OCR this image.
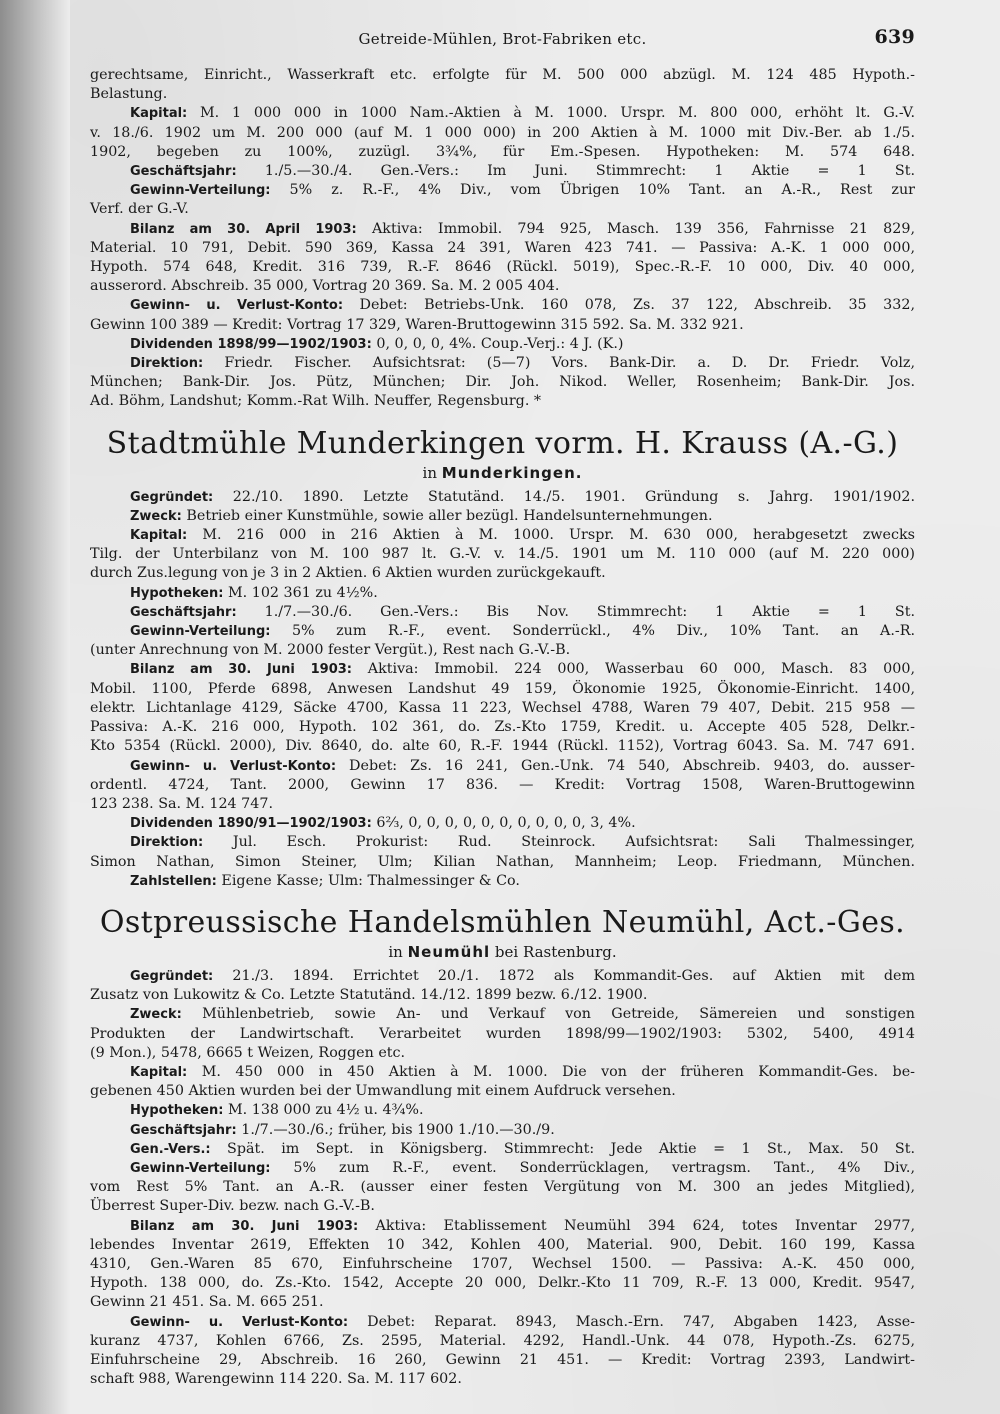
Getreide-Mühlen, Brot-Fabriken etc.	639
gerechtsame, Einricht., Wasserkraft etc. erfolgte für M. 500 000 abzügl. M. 124 485 Hypoth.-
Belastung.
Kapital: M. 1 000 000 in 1000 Nam.-Aktien à M. 1000. Urspr. M. 800 000, erhöht lt. G.-V.
v. 18./6. 1902 um M. 200 000 (auf M. 1 000 000) in 200 Aktien à M. 1000 mit Div.-Ber. ab 1./5.
1902, begeben zu 100%, zuzügl. 3¾%, für Em.-Spesen. Hypotheken: M. 574 648.
Geschäftsjahr: 1./5.—30./4. Gen.-Vers.: Im Juni. Stimmrecht: 1 Aktie = 1 St.
Gewinn-Verteilung: 5% z. R.-F., 4% Div., vom Übrigen 10% Tant. an A.-R., Rest zur
Verf. der G.-V.
Bilanz am 30. April 1903: Aktiva: Immobil. 794 925, Masch. 139 356, Fahrnisse 21 829,
Material. 10 791, Debit. 590 369, Kassa 24 391, Waren 423 741. — Passiva: A.-K. 1 000 000,
Hypoth. 574 648, Kredit. 316 739, R.-F. 8646 (Rückl. 5019), Spec.-R.-F. 10 000, Div. 40 000,
ausserord. Abschreib. 35 000, Vortrag 20 369. Sa. M. 2 005 404.
Gewinn- u. Verlust-Konto: Debet: Betriebs-Unk. 160 078, Zs. 37 122, Abschreib. 35 332,
Gewinn 100 389 — Kredit: Vortrag 17 329, Waren-Bruttogewinn 315 592. Sa. M. 332 921.
Dividenden 1898/99—1902/1903: 0, 0, 0, 0, 4%. Coup.-Verj.: 4 J. (K.)
Direktion: Friedr. Fischer. Aufsichtsrat: (5—7) Vors. Bank-Dir. a. D. Dr. Friedr. Volz,
München; Bank-Dir. Jos. Pütz, München; Dir. Joh. Nikod. Weller, Rosenheim; Bank-Dir. Jos.
Ad. Böhm, Landshut; Komm.-Rat Wilh. Neuffer, Regensburg. *
Stadtmühle Munderkingen vorm. H. Krauss (A.-G.)
in Munderkingen.
Gegründet: 22./10. 1890. Letzte Statutänd. 14./5. 1901. Gründung s. Jahrg. 1901/1902.
Zweck: Betrieb einer Kunstmühle, sowie aller bezügl. Handelsunternehmungen.
Kapital: M. 216 000 in 216 Aktien à M. 1000. Urspr. M. 630 000, herabgesetzt zwecks
Tilg. der Unterbilanz von M. 100 987 lt. G.-V. v. 14./5. 1901 um M. 110 000 (auf M. 220 000)
durch Zus.legung von je 3 in 2 Aktien. 6 Aktien wurden zurückgekauft.
Hypotheken: M. 102 361 zu 4½%.
Geschäftsjahr: 1./7.—30./6. Gen.-Vers.: Bis Nov. Stimmrecht: 1 Aktie = 1 St.
Gewinn-Verteilung: 5% zum R.-F., event. Sonderrückl., 4% Div., 10% Tant. an A.-R.
(unter Anrechnung von M. 2000 fester Vergüt.), Rest nach G.-V.-B.
Bilanz am 30. Juni 1903: Aktiva: Immobil. 224 000, Wasserbau 60 000, Masch. 83 000,
Mobil. 1100, Pferde 6898, Anwesen Landshut 49 159, Ökonomie 1925, Ökonomie-Einricht. 1400,
elektr. Lichtanlage 4129, Säcke 4700, Kassa 11 223, Wechsel 4788, Waren 79 407, Debit. 215 958 —
Passiva: A.-K. 216 000, Hypoth. 102 361, do. Zs.-Kto 1759, Kredit. u. Accepte 405 528, Delkr.-
Kto 5354 (Rückl. 2000), Div. 8640, do. alte 60, R.-F. 1944 (Rückl. 1152), Vortrag 6043. Sa. M. 747 691.
Gewinn- u. Verlust-Konto: Debet: Zs. 16 241, Gen.-Unk. 74 540, Abschreib. 9403, do. ausser-
ordentl. 4724, Tant. 2000, Gewinn 17 836. — Kredit: Vortrag 1508, Waren-Bruttogewinn
123 238. Sa. M. 124 747.
Dividenden 1890/91—1902/1903: 6⅔, 0, 0, 0, 0, 0, 0, 0, 0, 0, 0, 3, 4%.
Direktion: Jul. Esch. Prokurist: Rud. Steinrock. Aufsichtsrat: Sali Thalmessinger,
Simon Nathan, Simon Steiner, Ulm; Kilian Nathan, Mannheim; Leop. Friedmann, München.
Zahlstellen: Eigene Kasse; Ulm: Thalmessinger & Co.
Ostpreussische Handelsmühlen Neumühl, Act.-Ges.
in Neumühl bei Rastenburg.
Gegründet: 21./3. 1894. Errichtet 20./1. 1872 als Kommandit-Ges. auf Aktien mit dem
Zusatz von Lukowitz & Co. Letzte Statutänd. 14./12. 1899 bezw. 6./12. 1900.
Zweck: Mühlenbetrieb, sowie An- und Verkauf von Getreide, Sämereien und sonstigen
Produkten der Landwirtschaft. Verarbeitet wurden 1898/99—1902/1903: 5302, 5400, 4914
(9 Mon.), 5478, 6665 t Weizen, Roggen etc.
Kapital: M. 450 000 in 450 Aktien à M. 1000. Die von der früheren Kommandit-Ges. be-
gebenen 450 Aktien wurden bei der Umwandlung mit einem Aufdruck versehen.
Hypotheken: M. 138 000 zu 4½ u. 4¾%.
Geschäftsjahr: 1./7.—30./6.; früher, bis 1900 1./10.—30./9.
Gen.-Vers.: Spät. im Sept. in Königsberg. Stimmrecht: Jede Aktie = 1 St., Max. 50 St.
Gewinn-Verteilung: 5% zum R.-F., event. Sonderrücklagen, vertragsm. Tant., 4% Div.,
vom Rest 5% Tant. an A.-R. (ausser einer festen Vergütung von M. 300 an jedes Mitglied),
Überrest Super-Div. bezw. nach G.-V.-B.
Bilanz am 30. Juni 1903: Aktiva: Etablissement Neumühl 394 624, totes Inventar 2977,
lebendes Inventar 2619, Effekten 10 342, Kohlen 400, Material. 900, Debit. 160 199, Kassa
4310, Gen.-Waren 85 670, Einfuhrscheine 1707, Wechsel 1500. — Passiva: A.-K. 450 000,
Hypoth. 138 000, do. Zs.-Kto. 1542, Accepte 20 000, Delkr.-Kto 11 709, R.-F. 13 000, Kredit. 9547,
Gewinn 21 451. Sa. M. 665 251.
Gewinn- u. Verlust-Konto: Debet: Reparat. 8943, Masch.-Ern. 747, Abgaben 1423, Asse-
kuranz 4737, Kohlen 6766, Zs. 2595, Material. 4292, Handl.-Unk. 44 078, Hypoth.-Zs. 6275,
Einfuhrscheine 29, Abschreib. 16 260, Gewinn 21 451. — Kredit: Vortrag 2393, Landwirt-
schaft 988, Warengewinn 114 220. Sa. M. 117 602.
